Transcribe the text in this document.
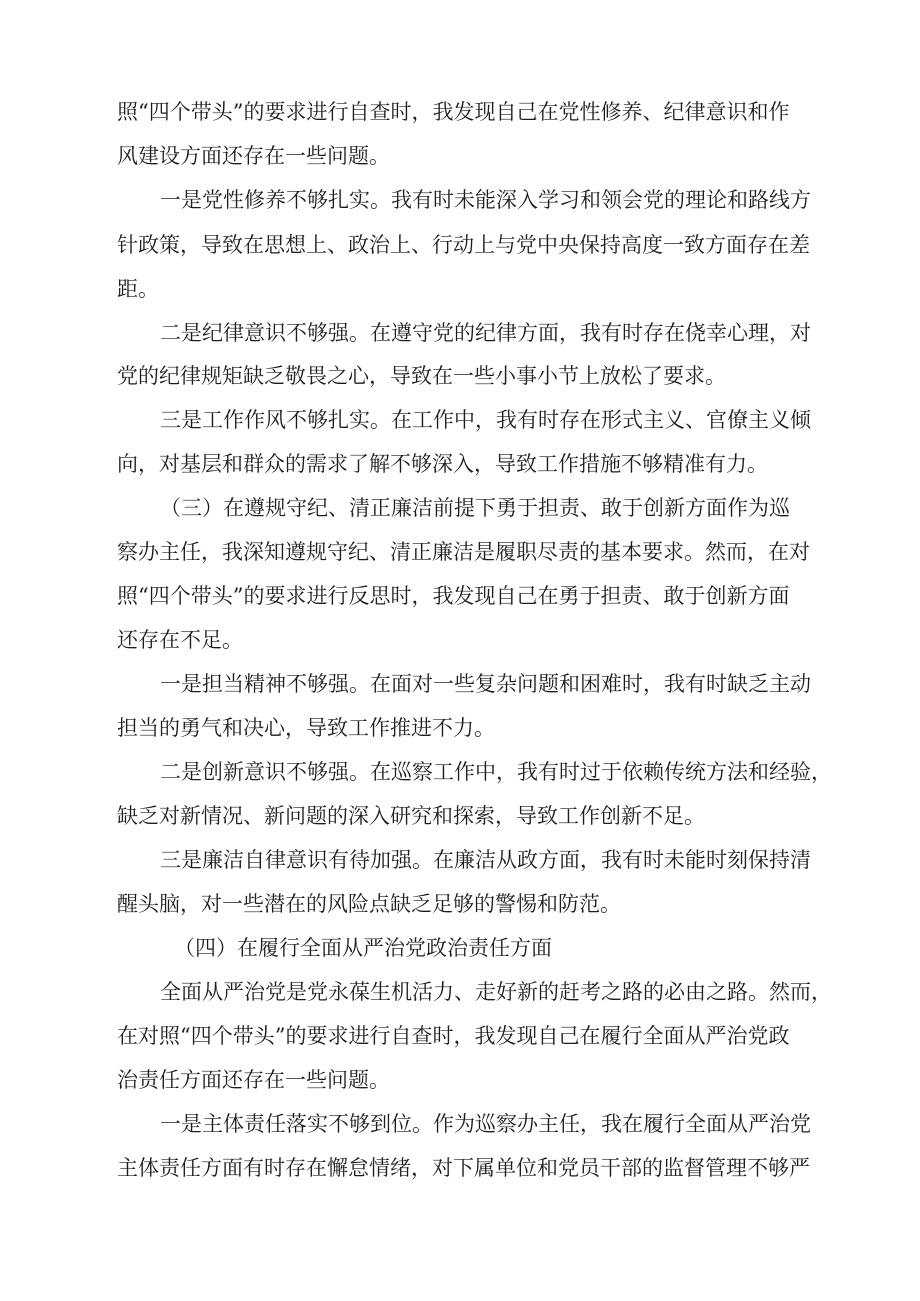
照“四个带头”的要求进行自查时，我发现自己在党性修养、纪律意识和作
风建设方面还存在一些问题。
一是党性修养不够扎实。我有时未能深入学习和领会党的理论和路线方
针政策，导致在思想上、政治上、行动上与党中央保持高度一致方面存在差
距。
二是纪律意识不够强。在遵守党的纪律方面，我有时存在侥幸心理，对
党的纪律规矩缺乏敬畏之心，导致在一些小事小节上放松了要求。
三是工作作风不够扎实。在工作中，我有时存在形式主义、官僚主义倾
向，对基层和群众的需求了解不够深入，导致工作措施不够精准有力。
（三）在遵规守纪、清正廉洁前提下勇于担责、敢于创新方面作为巡
察办主任，我深知遵规守纪、清正廉洁是履职尽责的基本要求。然而，在对
照“四个带头”的要求进行反思时，我发现自己在勇于担责、敢于创新方面
还存在不足。
一是担当精神不够强。在面对一些复杂问题和困难时，我有时缺乏主动
担当的勇气和决心，导致工作推进不力。
二是创新意识不够强。在巡察工作中，我有时过于依赖传统方法和经验，
缺乏对新情况、新问题的深入研究和探索，导致工作创新不足。
三是廉洁自律意识有待加强。在廉洁从政方面，我有时未能时刻保持清
醒头脑，对一些潜在的风险点缺乏足够的警惕和防范。
（四）在履行全面从严治党政治责任方面
全面从严治党是党永葆生机活力、走好新的赶考之路的必由之路。然而，
在对照“四个带头”的要求进行自查时，我发现自己在履行全面从严治党政
治责任方面还存在一些问题。
一是主体责任落实不够到位。作为巡察办主任，我在履行全面从严治党
主体责任方面有时存在懈怠情绪，对下属单位和党员干部的监督管理不够严
